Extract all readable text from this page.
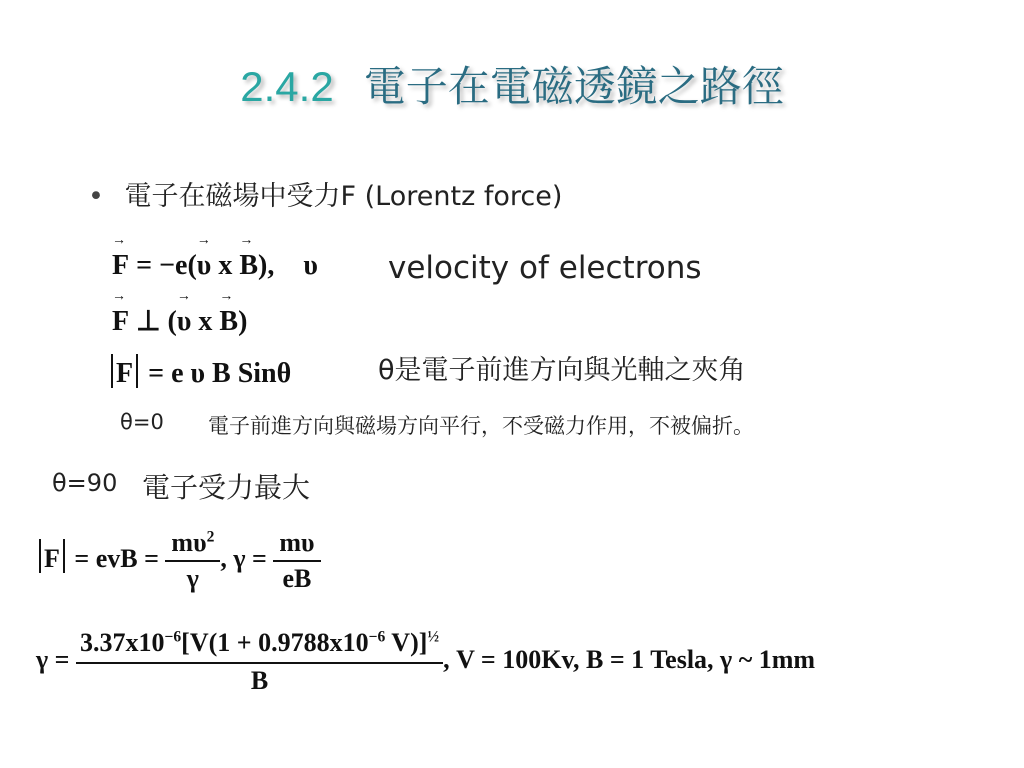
2.4.2 電子在電磁透鏡之路徑
• 電子在磁場中受力F (Lorentz force)
→ F = −e(→ υ x → B), υ velocity of electrons
→ F ⊥ (→ υ x → B)
F = e υ B Sinθ	θ是電子前進方向與光軸之夾角
θ=0 電子前進方向與磁場方向平行，不受磁力作用，不被偏折。
θ=90 電子受力最大
F = evB = $\frac{m\upsilon^2}{\gamma}$ , $\gamma = \frac{m\upsilon}{eB}$
$\gamma = \frac{3.37x10^{-6}[V(1 + 0.9788x10^{-6} V)]^{\frac{1}{2}}}{B}$ , V = 100Kv, B = 1 Tesla, γ ~ 1mm
